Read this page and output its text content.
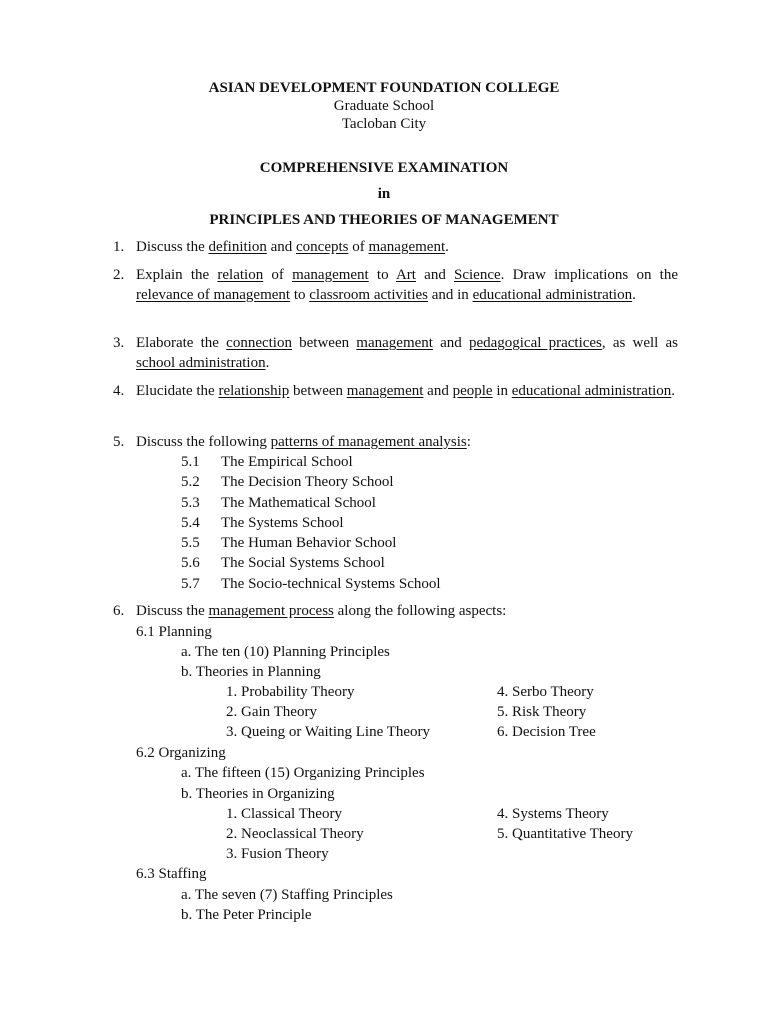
ASIAN DEVELOPMENT FOUNDATION COLLEGE
Graduate School
Tacloban City
COMPREHENSIVE EXAMINATION
in
PRINCIPLES AND THEORIES OF MANAGEMENT
1. Discuss the definition and concepts of management.
2. Explain the relation of management to Art and Science. Draw implications on the relevance of management to classroom activities and in educational administration.
3. Elaborate the connection between management and pedagogical practices, as well as school administration.
4. Elucidate the relationship between management and people in educational administration.
5. Discuss the following patterns of management analysis:
5.1 The Empirical School
5.2 The Decision Theory School
5.3 The Mathematical School
5.4 The Systems School
5.5 The Human Behavior School
5.6 The Social Systems School
5.7 The Socio-technical Systems School
6. Discuss the management process along the following aspects:
6.1 Planning
a. The ten (10) Planning Principles
b. Theories in Planning
1. Probability Theory
2. Gain Theory
3. Queing or Waiting Line Theory
4. Serbo Theory
5. Risk Theory
6. Decision Tree
6.2 Organizing
a. The fifteen (15) Organizing Principles
b. Theories in Organizing
1. Classical Theory
2. Neoclassical Theory
3. Fusion Theory
4. Systems Theory
5. Quantitative Theory
6.3 Staffing
a. The seven (7) Staffing Principles
b. The Peter Principle
